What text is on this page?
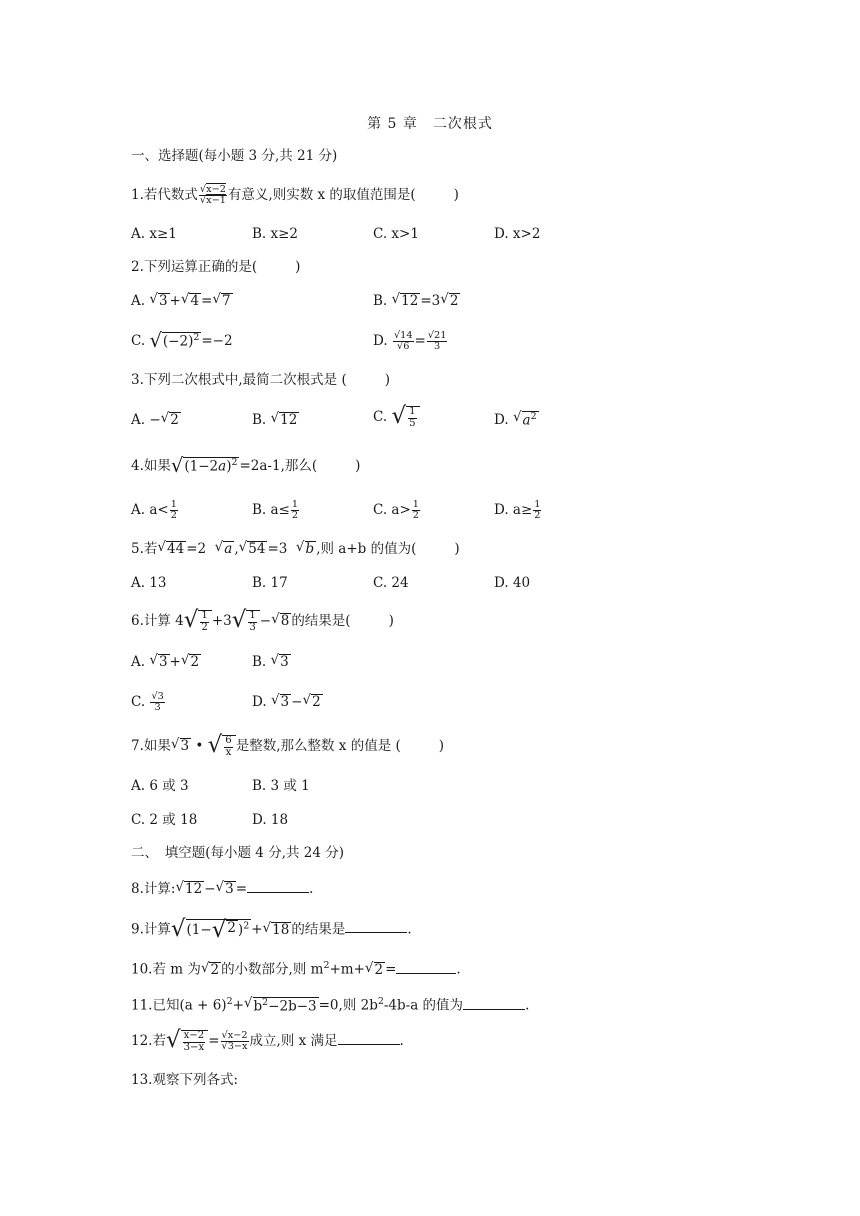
第 5 章　二次根式
一、选择题(每小题 3 分,共 21 分)
1.若代数式 $\frac{√x-2}{√x-1}$ 有意义,则实数 x 的取值范围是(	)
A. x≥1	B. x≥2	C. x>1	D. x>2
2.下列运算正确的是(	)
A. √ 3 + √ 4 = √ 7	B. √ 12 =3 √ 2
C. √ $(-2)^2 =-2$	D. $\frac{√14}{√6} = \frac{√21}{3}$
3.下列二次根式中,最简二次根式是 (	)
A. − √ 2	B. √ 12	C. √ $\frac{1}{5}$	D. √ $a^2$
4.如果 √ $(1-2a)^2 =2a-1$,那么(	)
A. $a< \frac{1}{2}$	B. $a\le \frac{1}{2}$	C. $a> \frac{1}{2}$	D. $a\ge \frac{1}{2}$
5.若 √ 44 =2 √ a , √ 54 =3 √ b ,则 a+b 的值为(	)
A. 13	B. 17	C. 24	D. 40
6.计算 4 √ $\frac{1}{2} +3$ √ $\frac{1}{3}$ − √ 8 的结果是(	)
A. √ 3 + √ 2	B. √ 3
C. $\frac{√3}{3}$	D. √ 3 − √ 2
7.如果 √ 3 • √ $\frac{6}{x}$ 是整数,那么整数 x 的值是 (	)
A. 6 或 3	B. 3 或 1
C. 2 或 18	D. 18
二、　填空题(每小题 4 分,共 24 分)
8.计算: √ 12 − √ 3 =	.
9.计算 √ (1− √ 2 )$^2$ + √ 18 的结果是	.
10.若 m 为 √ 2 的小数部分,则 $m^2+m+$ √ 2 =	.
11.已知$(a + 6)^2+$ √ $b^2-2b-3 =0$,则 $2b^2-4b-a$ 的值为	.
12.若 √ $\frac{x-2}{3-x} = \frac{√x-2}{√3-x}$ 成立,则 x 满足	.
13.观察下列各式:
